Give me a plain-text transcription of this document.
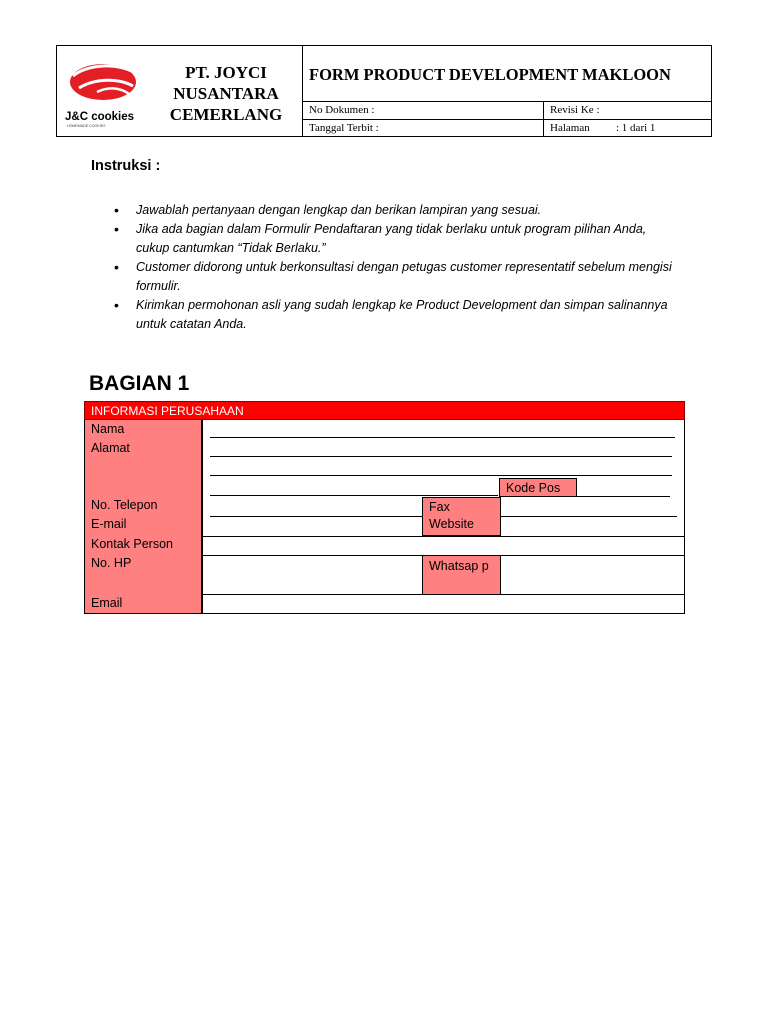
J&C cookies
HOMEMADE COOKIES
PT. JOYCI
NUSANTARA
CEMERLANG
FORM PRODUCT DEVELOPMENT MAKLOON
No Dokumen :	Revisi Ke :
Tanggal Terbit :	Halaman : 1 dari 1
Instruksi :
• Jawablah pertanyaan dengan lengkap dan berikan lampiran yang sesuai.
• Jika ada bagian dalam Formulir Pendaftaran yang tidak berlaku untuk program pilihan Anda, cukup cantumkan “Tidak Berlaku.”
• Customer didorong untuk berkonsultasi dengan petugas customer representatif sebelum mengisi formulir.
• Kirimkan permohonan asli yang sudah lengkap ke Product Development dan simpan salinannya untuk catatan Anda.
BAGIAN 1
INFORMASI PERUSAHAAN
Nama
Alamat
No. Telepon
E-mail
Kontak Person
No. HP
Email
Kode Pos
Fax
Website
Whatsap p
